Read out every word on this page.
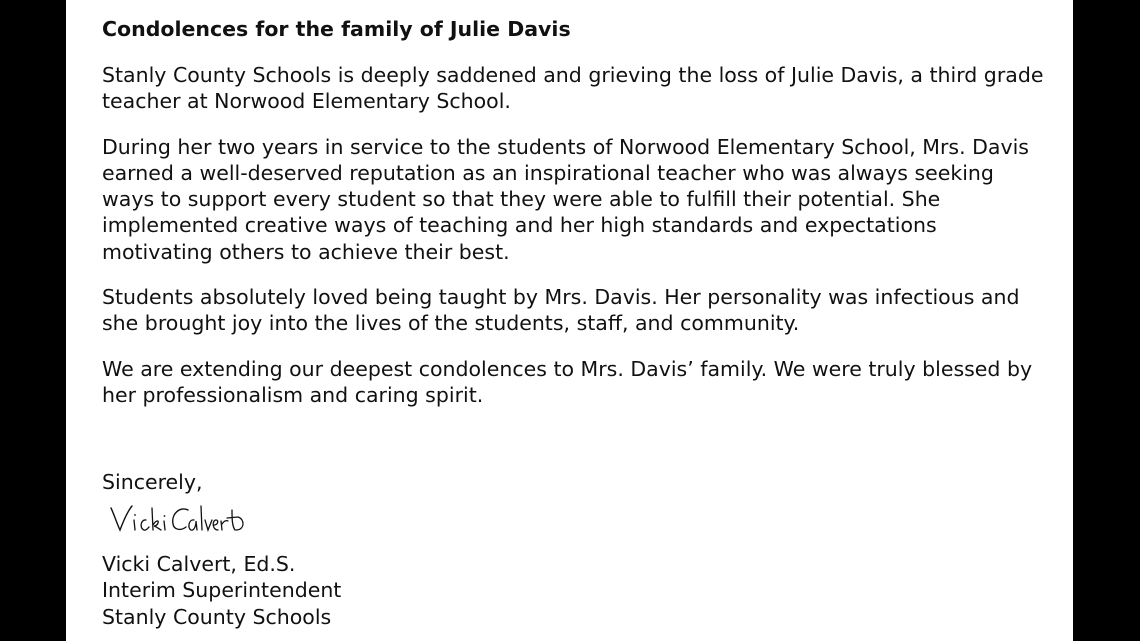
Condolences for the family of Julie Davis
Stanly County Schools is deeply saddened and grieving the loss of Julie Davis, a third grade teacher at Norwood Elementary School.
During her two years in service to the students of Norwood Elementary School, Mrs. Davis earned a well-deserved reputation as an inspirational teacher who was always seeking ways to support every student so that they were able to fulfill their potential. She implemented creative ways of teaching and her high standards and expectations motivating others to achieve their best.
Students absolutely loved being taught by Mrs. Davis. Her personality was infectious and she brought joy into the lives of the students, staff, and community.
We are extending our deepest condolences to Mrs. Davis’ family. We were truly blessed by her professionalism and caring spirit.
Sincerely,
Vicki Calvert, Ed.S.
Interim Superintendent
Stanly County Schools
